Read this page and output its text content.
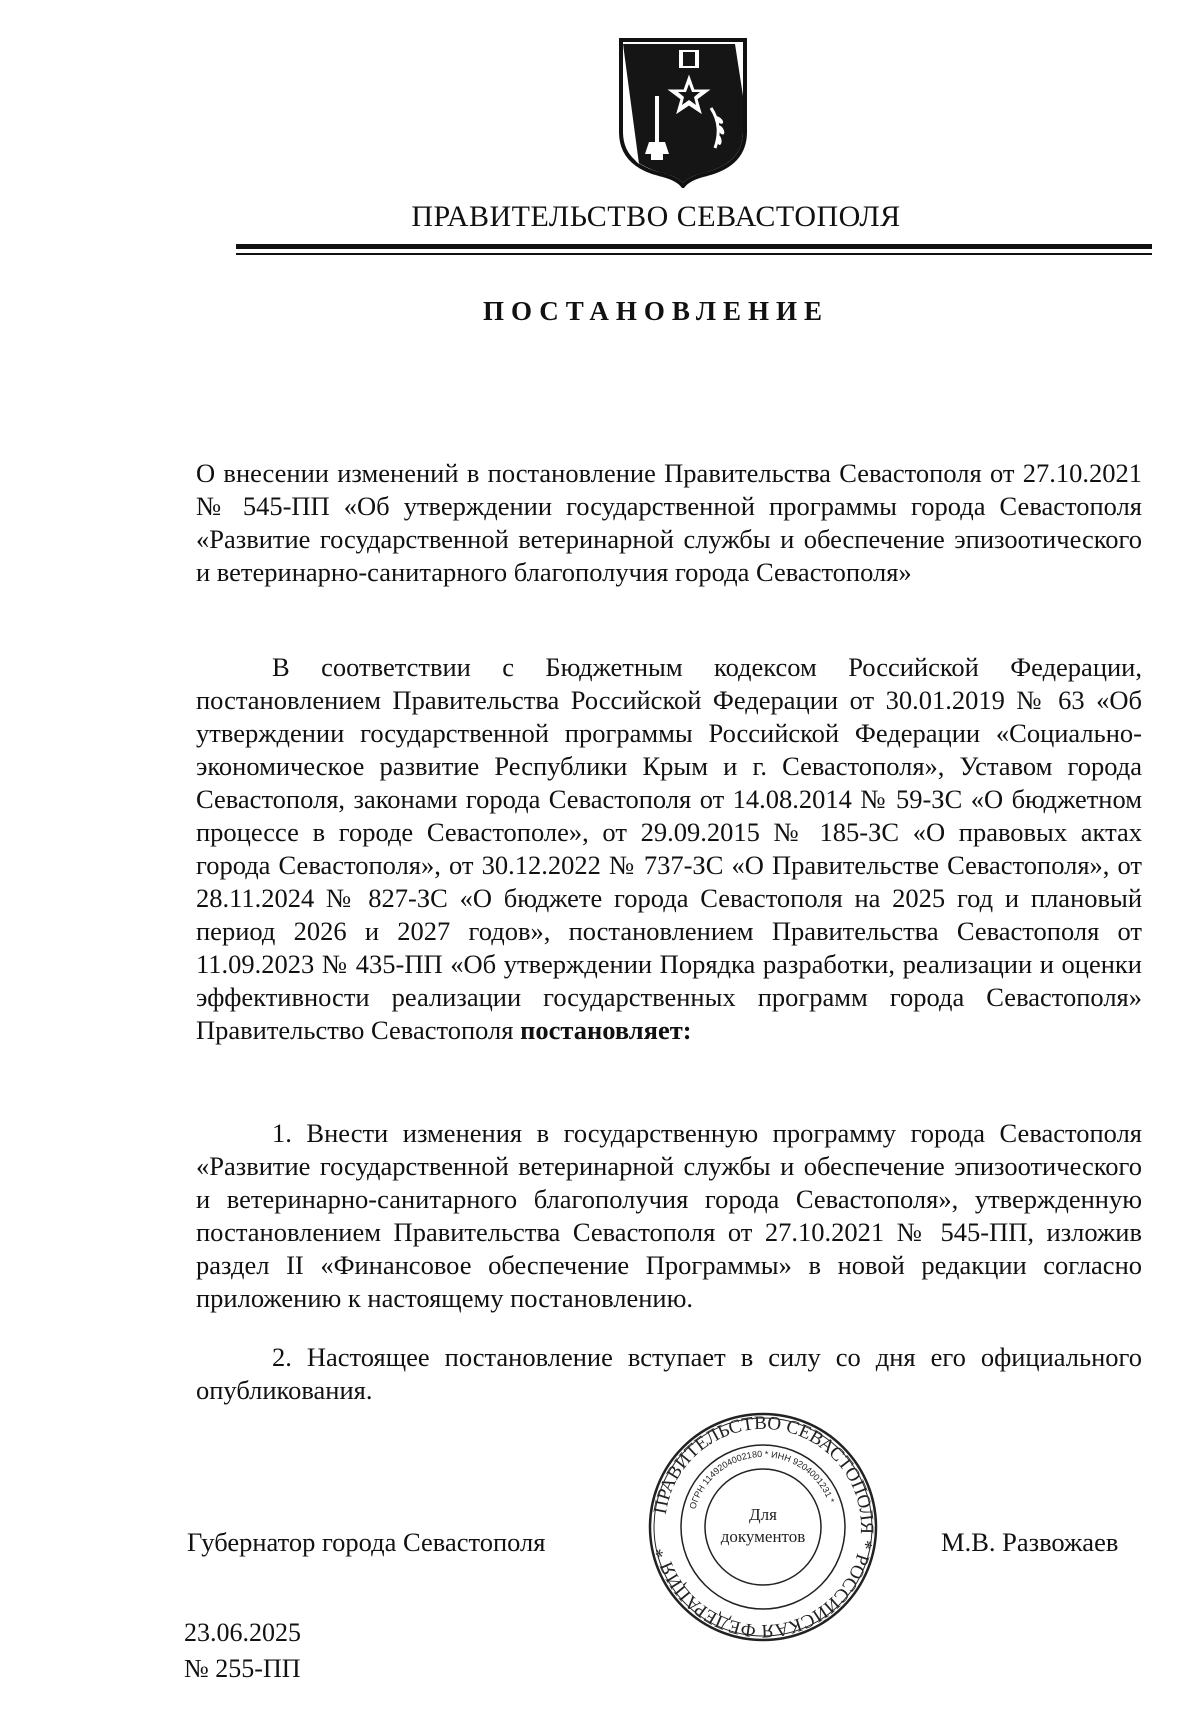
ПРАВИТЕЛЬСТВО СЕВАСТОПОЛЯ
ПОСТАНОВЛЕНИЕ

О внесении изменений в постановление Правительства Севастополя от 27.10.2021 № 545-ПП «Об утверждении государственной программы города Севастополя «Развитие государственной ветеринарной службы и обеспечение эпизоотического и ветеринарно-санитарного благополучия города Севастополя»

В соответствии с Бюджетным кодексом Российской Федерации, постановлением Правительства Российской Федерации от 30.01.2019 № 63 «Об утверждении государственной программы Российской Федерации «Социально-экономическое развитие Республики Крым и г. Севастополя», Уставом города Севастополя, законами города Севастополя от 14.08.2014 № 59-ЗС «О бюджетном процессе в городе Севастополе», от 29.09.2015 № 185-ЗС «О правовых актах города Севастополя», от 30.12.2022 № 737-ЗС «О Правительстве Севастополя», от 28.11.2024 № 827-ЗС «О бюджете города Севастополя на 2025 год и плановый период 2026 и 2027 годов», постановлением Правительства Севастополя от 11.09.2023 № 435-ПП «Об утверждении Порядка разработки, реализации и оценки эффективности реализации государственных программ города Севастополя» Правительство Севастополя постановляет:

1. Внести изменения в государственную программу города Севастополя «Развитие государственной ветеринарной службы и обеспечение эпизоотического и ветеринарно-санитарного благополучия города Севастополя», утвержденную постановлением Правительства Севастополя от 27.10.2021 № 545-ПП, изложив раздел II «Финансовое обеспечение Программы» в новой редакции согласно приложению к настоящему постановлению.

2. Настоящее постановление вступает в силу со дня его официального опубликования.

Губернатор города Севастополя
ПРАВИТЕЛЬСТВО СЕВАСТОПОЛЯ * РОССИЙСКАЯ ФЕДЕРАЦИЯ *
ОГРН 1149204002180 * ИНН 9204001231 *
Для
документов	М.В. Развожаев
23.06.2025
№ 255-ПП
